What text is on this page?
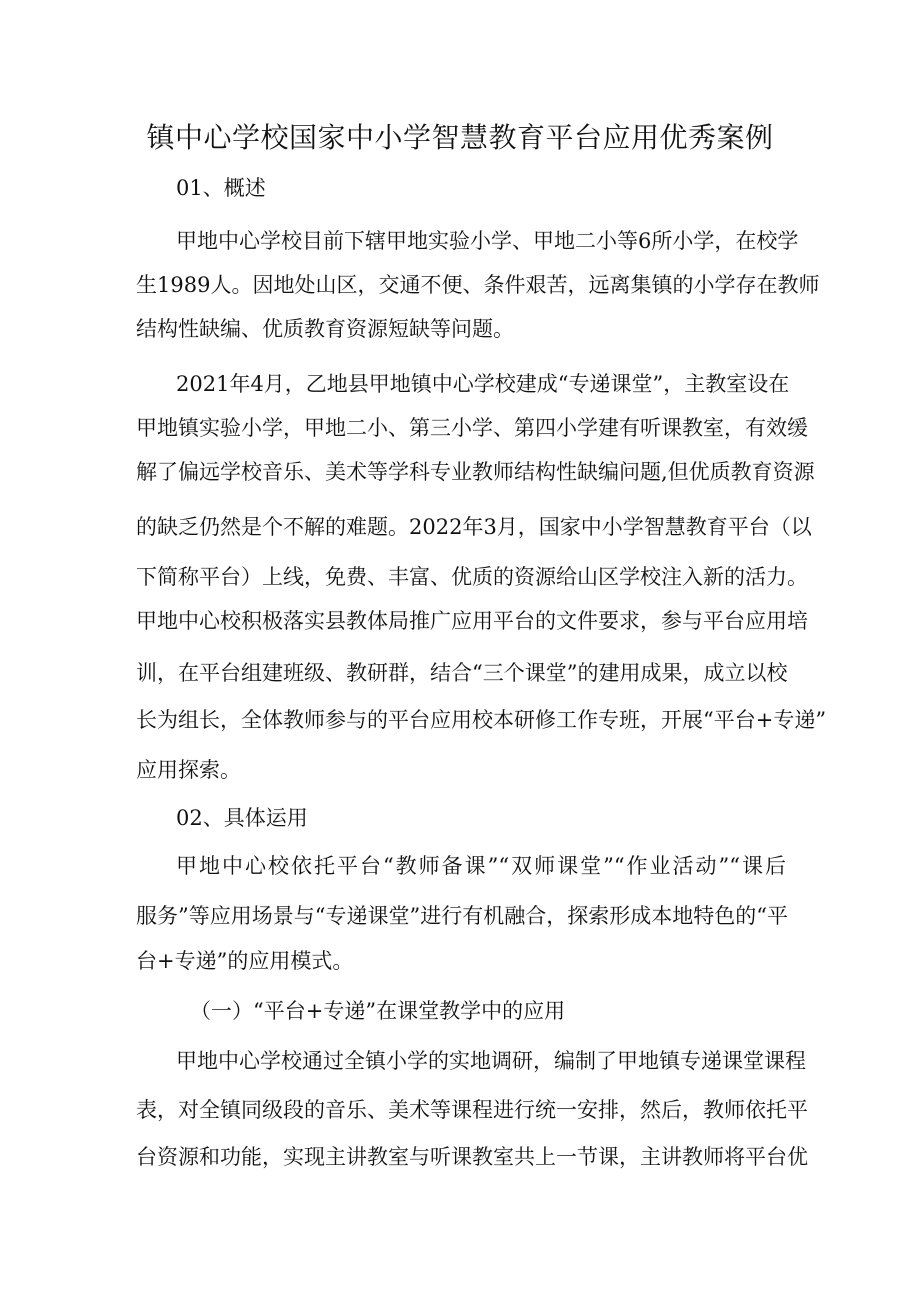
镇中心学校国家中小学智慧教育平台应用优秀案例
01、概述
甲地中心学校目前下辖甲地实验小学、甲地二小等6所小学，在校学
生1989人。因地处山区，交通不便、条件艰苦，远离集镇的小学存在教师
结构性缺编、优质教育资源短缺等问题。
2021年4月，乙地县甲地镇中心学校建成“专递课堂”，主教室设在
甲地镇实验小学，甲地二小、第三小学、第四小学建有听课教室，有效缓
解了偏远学校音乐、美术等学科专业教师结构性缺编问题,但优质教育资源
的缺乏仍然是个不解的难题。2022年3月，国家中小学智慧教育平台（以
下简称平台）上线，免费、丰富、优质的资源给山区学校注入新的活力。
甲地中心校积极落实县教体局推广应用平台的文件要求，参与平台应用培
训，在平台组建班级、教研群，结合“三个课堂”的建用成果，成立以校
长为组长，全体教师参与的平台应用校本研修工作专班，开展“平台+专递”
应用探索。
02、具体运用
甲地中心校依托平台“教师备课”“双师课堂”“作业活动”“课后
服务”等应用场景与“专递课堂”进行有机融合，探索形成本地特色的“平
台+专递”的应用模式。
（一）“平台+专递”在课堂教学中的应用
甲地中心学校通过全镇小学的实地调研，编制了甲地镇专递课堂课程
表，对全镇同级段的音乐、美术等课程进行统一安排，然后，教师依托平
台资源和功能，实现主讲教室与听课教室共上一节课，主讲教师将平台优
